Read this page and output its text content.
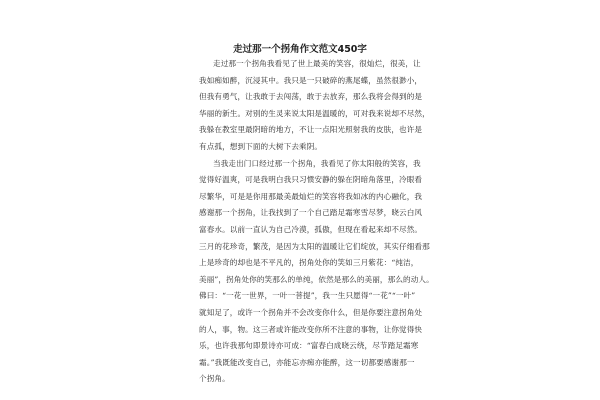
走过那一个拐角作文范文450字
走过那一个拐角我看见了世上最美的笑容，很灿烂，很美，让
我如痴如醉，沉浸其中。我只是一只破碎的燕尾蝶，虽然很渺小，
但我有勇气，让我敢于去闯荡，敢于去放弃，那么我将会得到的是
华丽的新生。对别的生灵来说太阳是温暖的，可对我来说却不尽然，
我躲在教室里最阴暗的地方，不让一点阳光照射我的皮肤，也许是
有点孤，想到下面的大树下去乘阴。
当我走出门口经过那一个拐角，我看见了你太阳般的笑容，我
觉得好温爽，可是我明白我只习惯安静的躲在阴暗角落里，冷眼看
尽繁华，可是是你用那最美最灿烂的笑容将我如冰的内心融化，我
感谢那一个拐角，让我找到了一个自己踏足霜寒雪尽梦，晓云白风
富春水。以前一直认为自己冷漠，孤傲，但现在看起来却不尽然。
三月的花珍奇，繁茂，是因为太阳的温暖让它们绽放，其实仔细看那
上是珍奇的却也是不平凡的，拐角处你的笑如三月紫花：“纯洁，
美丽”，拐角处你的笑那么的单纯，依然是那么的美丽，那么的动人。
佛曰：“一花一世界，一叶一菩提”，我一生只愿得“一花”“一叶”
就知足了，或许一个拐角并不会改变你什么，但是你要注意拐角处
的人，事，物。这三者或许能改变你所不注意的事物，让你觉得快
乐，也许我那句即景诗亦可成：“富春白成晓云绕，尽节踏足霜寒
霜。”我既能改变自己，亦能忘亦痴亦能醉，这一切都要感谢那一
个拐角。
